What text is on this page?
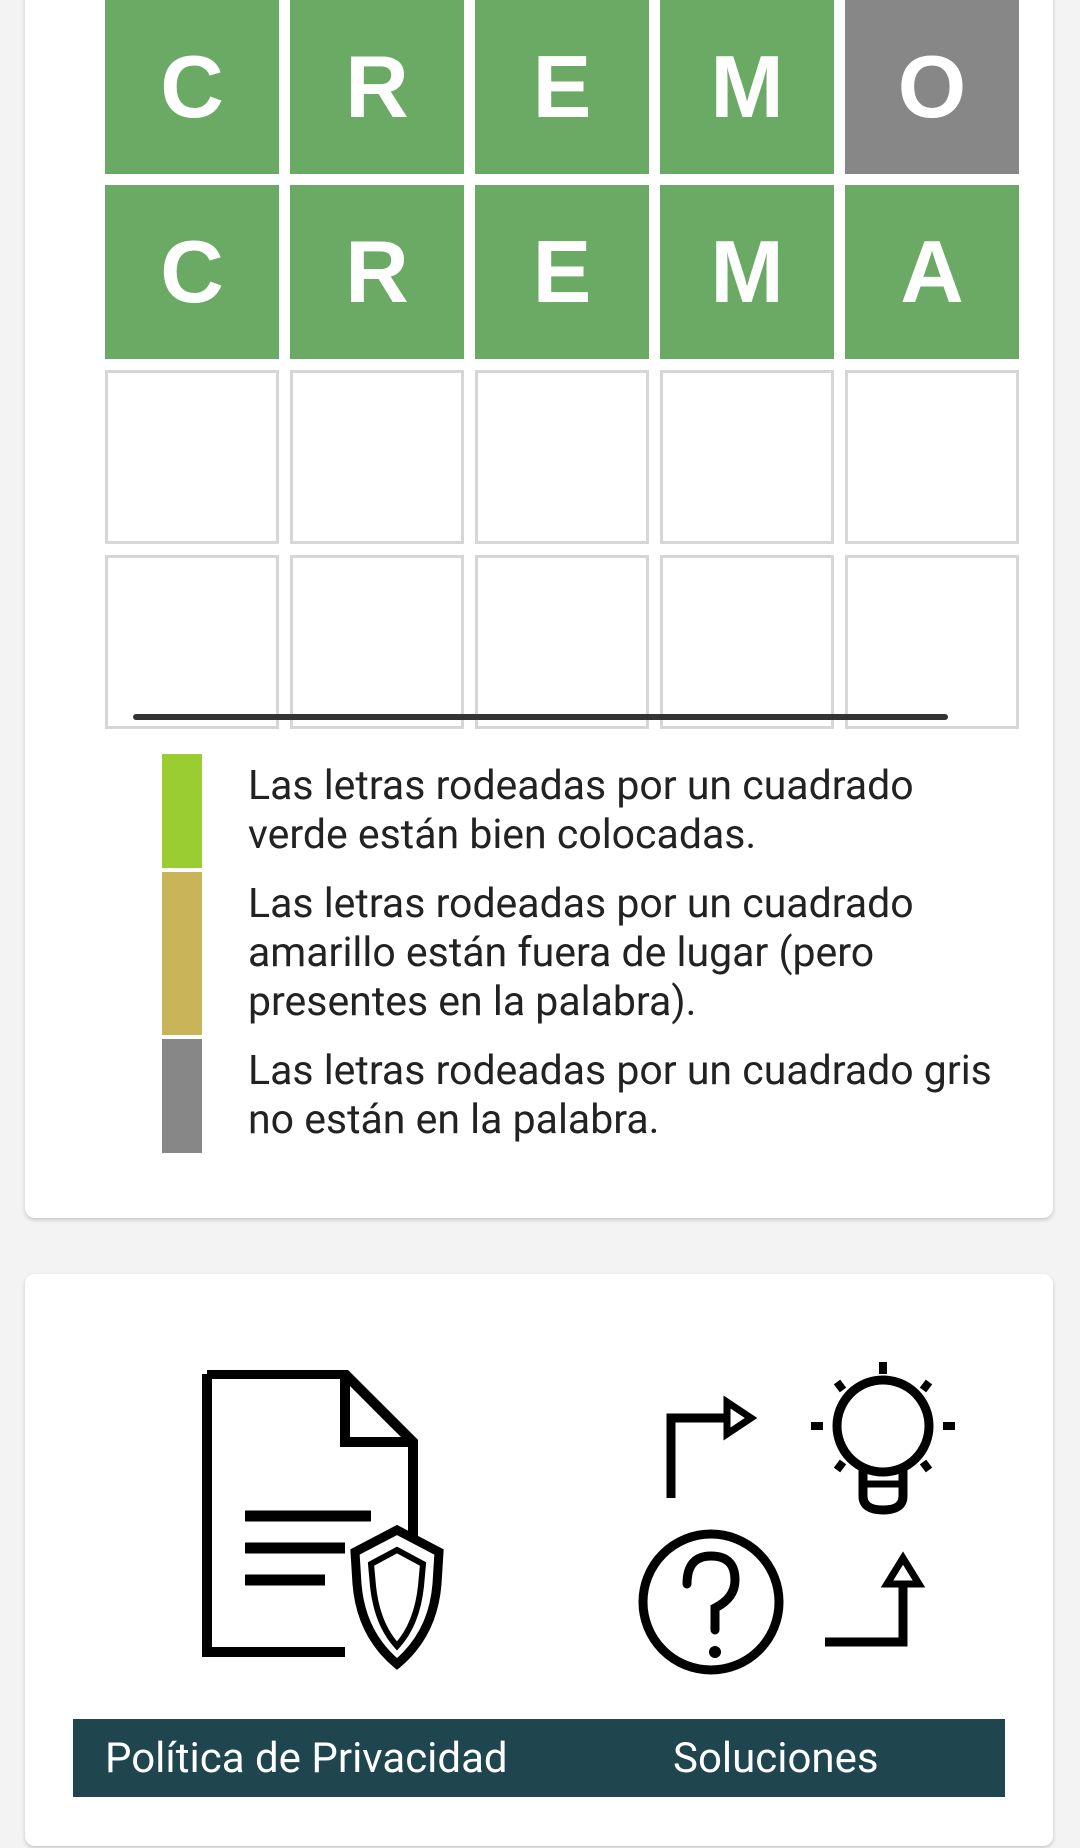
C	R	E	M	O
C	R	E	M	A
Las letras rodeadas por un cuadrado verde están bien colocadas.
Las letras rodeadas por un cuadrado amarillo están fuera de lugar (pero presentes en la palabra).
Las letras rodeadas por un cuadrado gris no están en la palabra.
Política de Privacidad	Soluciones
